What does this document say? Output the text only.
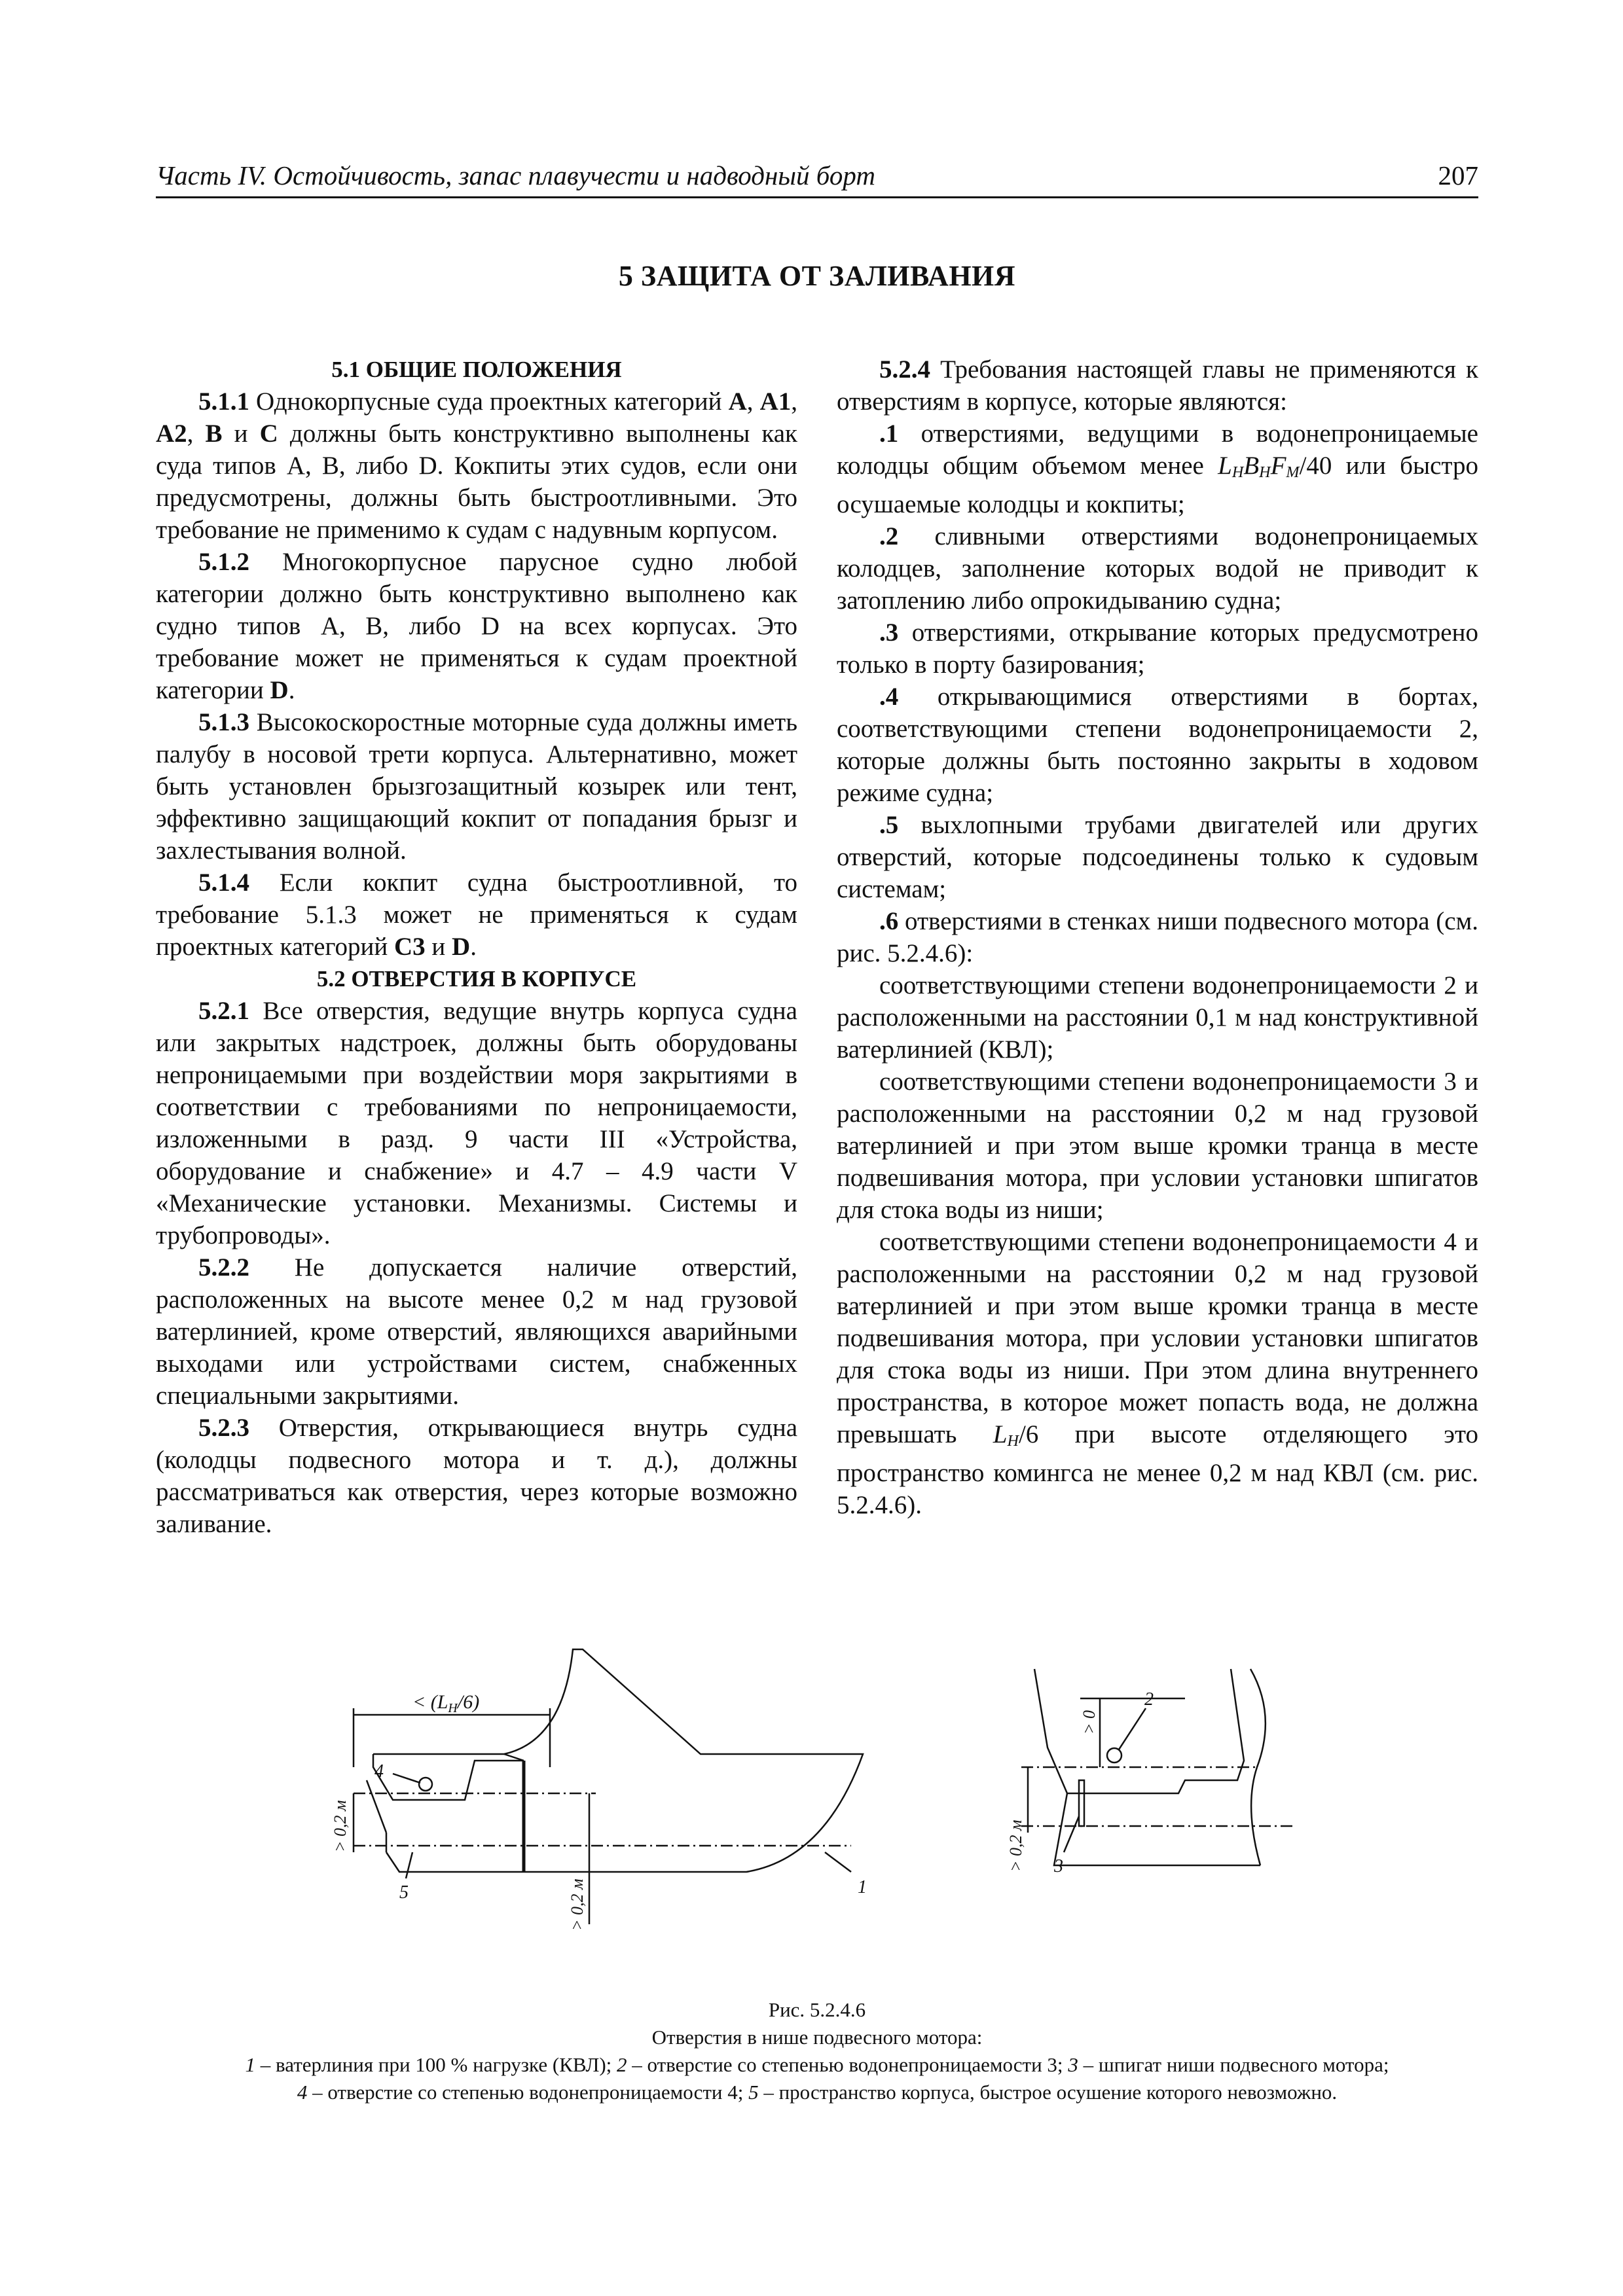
Часть IV. Остойчивость, запас плавучести и надводный борт	207
5 ЗАЩИТА ОТ ЗАЛИВАНИЯ

5.1 ОБЩИЕ ПОЛОЖЕНИЯ

5.1.1 Однокорпусные суда проектных категорий A, A1, A2, B и C должны быть конструктивно выполнены как суда типов A, B, либо D. Кокпиты этих судов, если они предусмотрены, должны быть быстроотливными. Это требование не применимо к судам с надувным корпусом.

5.1.2 Многокорпусное парусное судно любой категории должно быть конструктивно выполнено как судно типов A, B, либо D на всех корпусах. Это требование может не применяться к судам проектной категории D.

5.1.3 Высокоскоростные моторные суда должны иметь палубу в носовой трети корпуса. Альтернативно, может быть установлен брызгозащитный козырек или тент, эффективно защищающий кокпит от попадания брызг и захлестывания волной.

5.1.4 Если кокпит судна быстроотливной, то требование 5.1.3 может не применяться к судам проектных категорий C3 и D.

5.2 ОТВЕРСТИЯ В КОРПУСЕ

5.2.1 Все отверстия, ведущие внутрь корпуса судна или закрытых надстроек, должны быть оборудованы непроницаемыми при воздействии моря закрытиями в соответствии с требованиями по непроницаемости, изложенными в разд. 9 части III «Устройства, оборудование и снабжение» и 4.7 – 4.9 части V «Механические установки. Механизмы. Системы и трубопроводы».

5.2.2 Не допускается наличие отверстий, расположенных на высоте менее 0,2 м над грузовой ватерлинией, кроме отверстий, являющихся аварийными выходами или устройствами систем, снабженных специальными закрытиями.

5.2.3 Отверстия, открывающиеся внутрь судна (колодцы подвесного мотора и т. д.), должны рассматриваться как отверстия, через которые возможно заливание.

5.2.4 Требования настоящей главы не применяются к отверстиям в корпусе, которые являются:

.1 отверстиями, ведущими в водонепроницаемые колодцы общим объемом менее $L_HB_HF_M/40$ или быстро осушаемые колодцы и кокпиты;

.2 сливными отверстиями водонепроницаемых колодцев, заполнение которых водой не приводит к затоплению либо опрокидыванию судна;

.3 отверстиями, открывание которых предусмотрено только в порту базирования;

.4 открывающимися отверстиями в бортах, соответствующими степени водонепроницаемости 2, которые должны быть постоянно закрыты в ходовом режиме судна;

.5 выхлопными трубами двигателей или других отверстий, которые подсоединены только к судовым системам;

.6 отверстиями в стенках ниши подвесного мотора (см. рис. 5.2.4.6):

соответствующими степени водонепроницаемости 2 и расположенными на расстоянии 0,1 м над конструктивной ватерлинией (КВЛ);

соответствующими степени водонепроницаемости 3 и расположенными на расстоянии 0,2 м над грузовой ватерлинией и при этом выше кромки транца в месте подвешивания мотора, при условии установки шпигатов для стока воды из ниши;

соответствующими степени водонепроницаемости 4 и расположенными на расстоянии 0,2 м над грузовой ватерлинией и при этом выше кромки транца в месте подвешивания мотора, при условии установки шпигатов для стока воды из ниши. При этом длина внутреннего пространства, в которое может попасть вода, не должна превышать $L_H/6$ при высоте отделяющего это пространство комингса не менее 0,2 м над КВЛ (см. рис. 5.2.4.6).

< $(L_H/6)$
> 0,2 м
> 0,2 м
4
5	1
2
> 0
> 0,2 м 3
Рис. 5.2.4.6
Отверстия в нише подвесного мотора:
1 – ватерлиния при 100 % нагрузке (КВЛ); 2 – отверстие со степенью водонепроницаемости 3; 3 – шпигат ниши подвесного мотора;
4 – отверстие со степенью водонепроницаемости 4; 5 – пространство корпуса, быстрое осушение которого невозможно.
